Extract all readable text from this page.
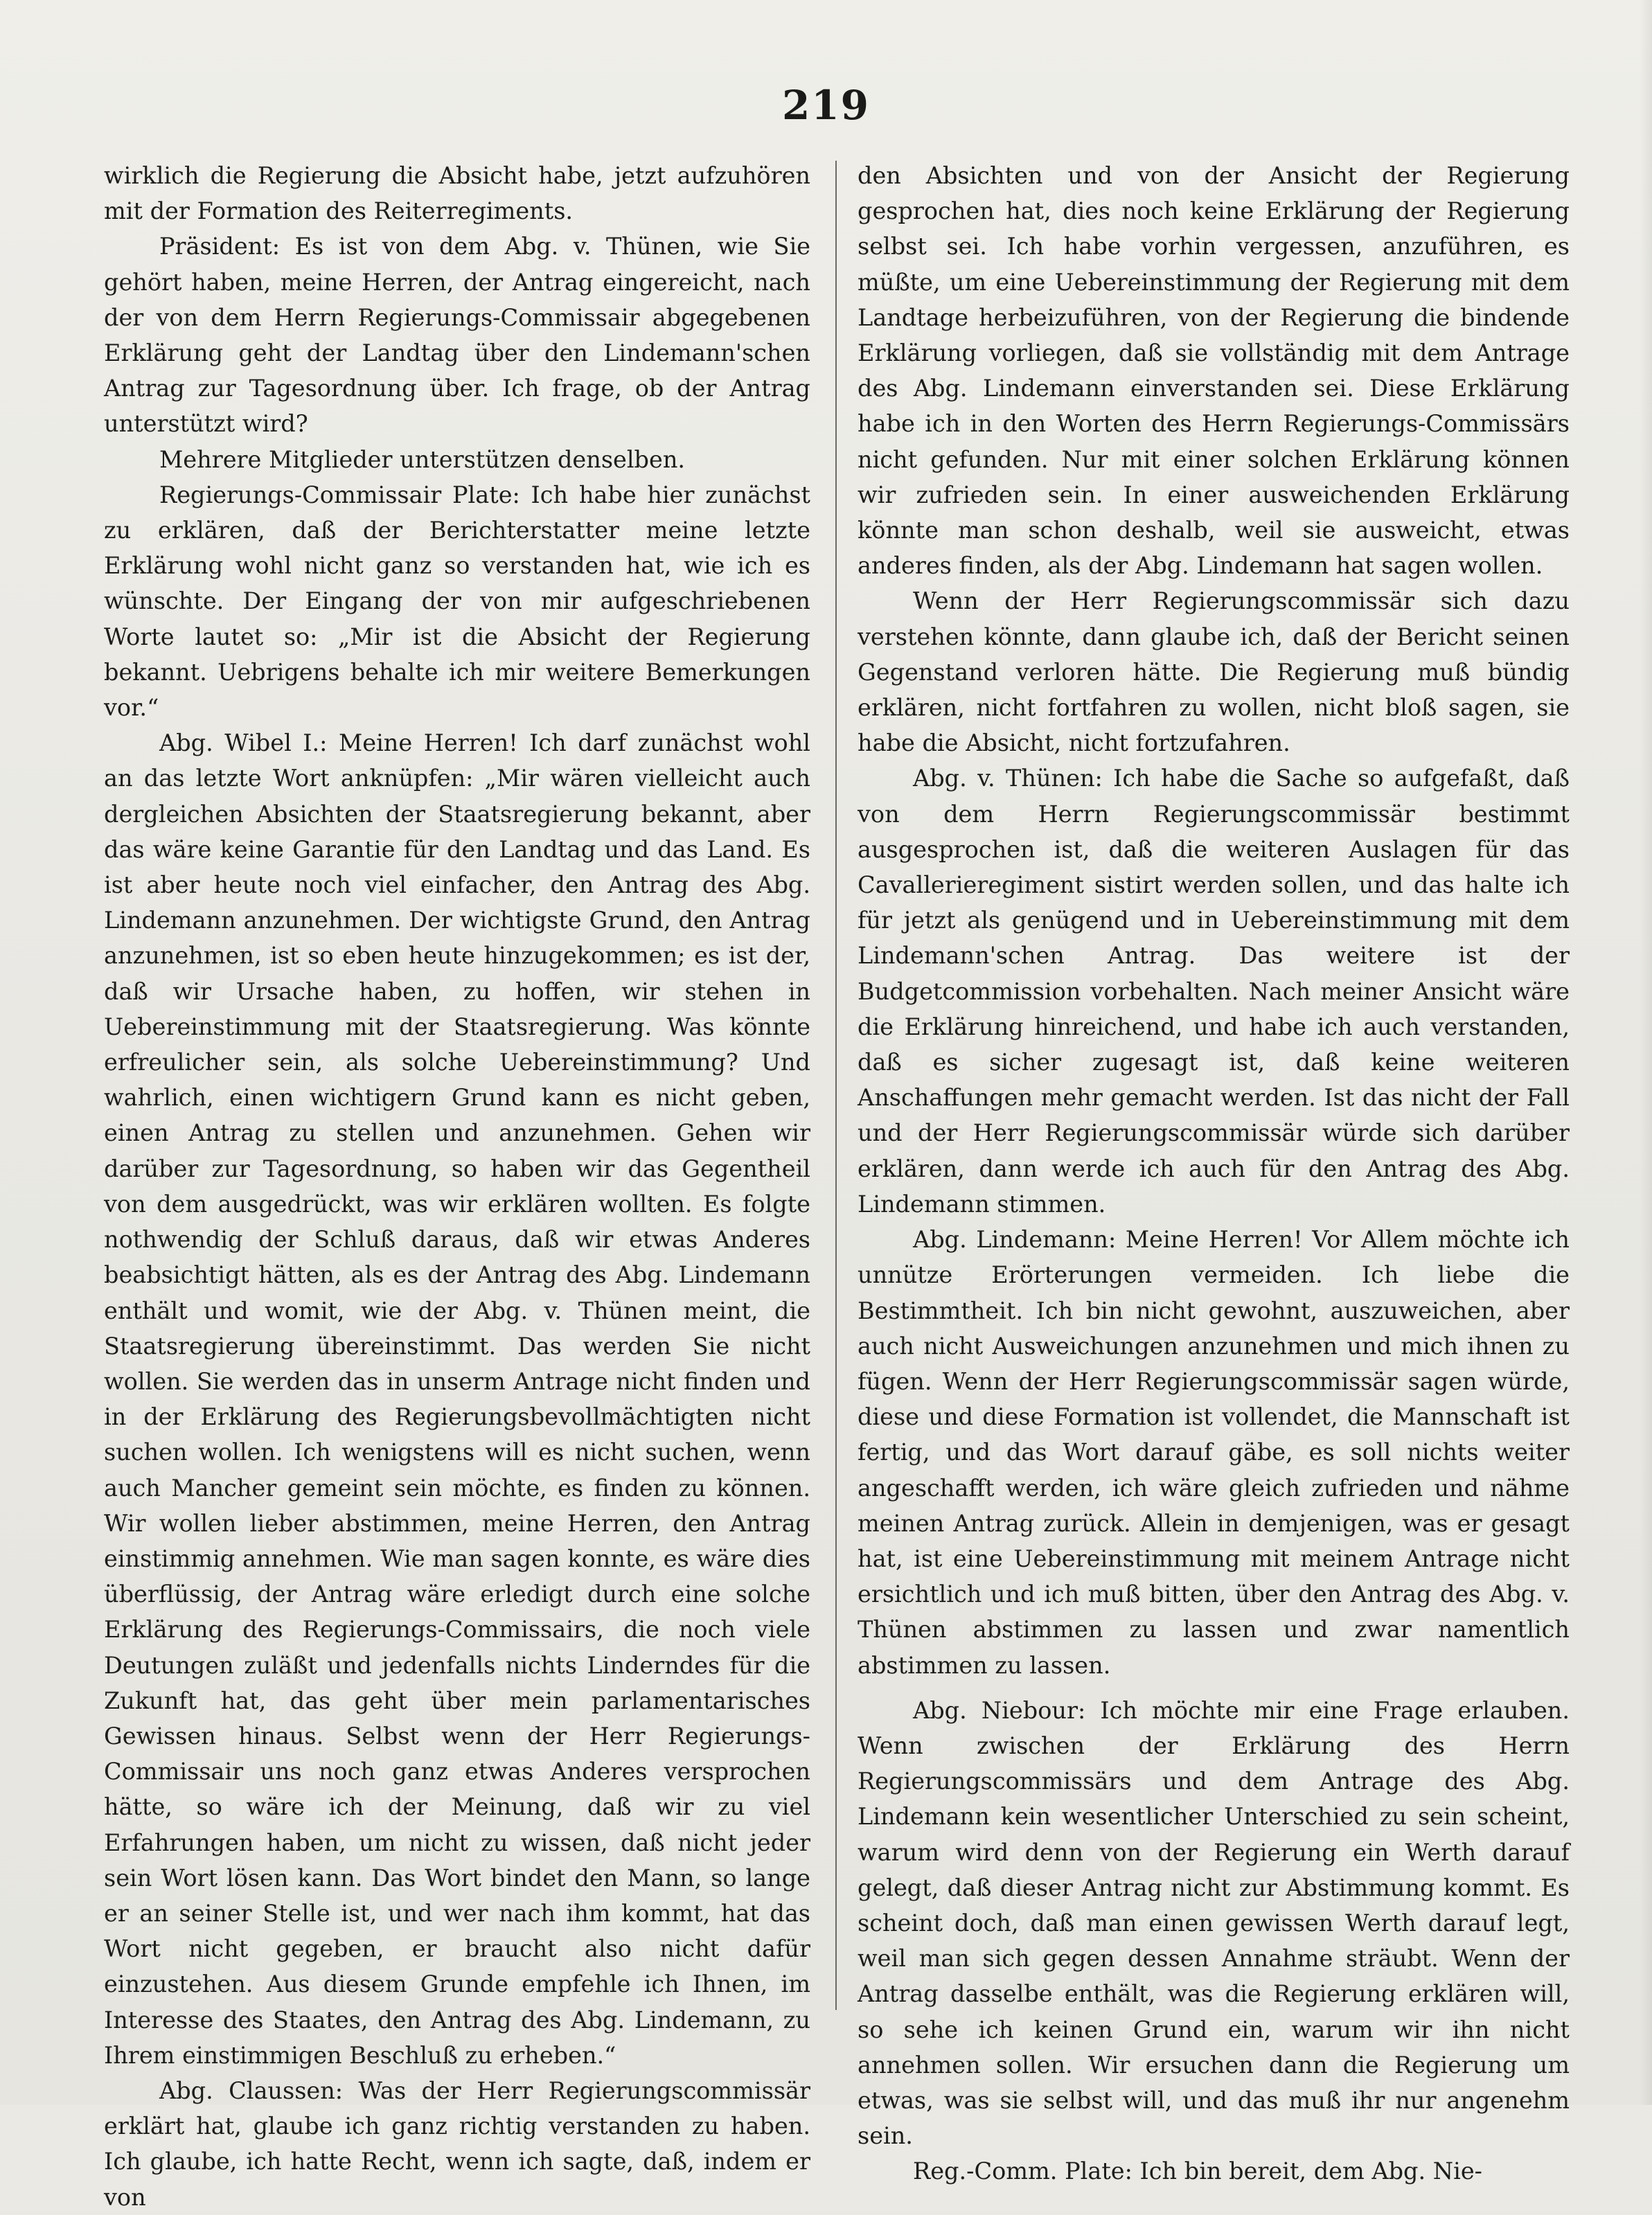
219

wirklich die Regierung die Absicht habe, jetzt aufzuhören mit der Formation des Reiterregiments.

Präsident: Es ist von dem Abg. v. Thünen, wie Sie gehört haben, meine Herren, der Antrag eingereicht, nach der von dem Herrn Regierungs-Commissair abgegebenen Erklärung geht der Landtag über den Lindemann'schen Antrag zur Tagesordnung über. Ich frage, ob der Antrag unterstützt wird?

Mehrere Mitglieder unterstützen denselben.

Regierungs-Commissair Plate: Ich habe hier zunächst zu erklären, daß der Berichterstatter meine letzte Erklärung wohl nicht ganz so verstanden hat, wie ich es wünschte. Der Eingang der von mir aufgeschriebenen Worte lautet so: „Mir ist die Absicht der Regierung bekannt. Uebrigens behalte ich mir weitere Bemerkungen vor.“

Abg. Wibel I.: Meine Herren! Ich darf zunächst wohl an das letzte Wort anknüpfen: „Mir wären vielleicht auch dergleichen Absichten der Staatsregierung bekannt, aber das wäre keine Garantie für den Landtag und das Land. Es ist aber heute noch viel einfacher, den Antrag des Abg. Lindemann anzunehmen. Der wichtigste Grund, den Antrag anzunehmen, ist so eben heute hinzugekommen; es ist der, daß wir Ursache haben, zu hoffen, wir stehen in Uebereinstimmung mit der Staatsregierung. Was könnte erfreulicher sein, als solche Uebereinstimmung? Und wahrlich, einen wichtigern Grund kann es nicht geben, einen Antrag zu stellen und anzunehmen. Gehen wir darüber zur Tagesordnung, so haben wir das Gegentheil von dem ausgedrückt, was wir erklären wollten. Es folgte nothwendig der Schluß daraus, daß wir etwas Anderes beabsichtigt hätten, als es der Antrag des Abg. Lindemann enthält und womit, wie der Abg. v. Thünen meint, die Staatsregierung übereinstimmt. Das werden Sie nicht wollen. Sie werden das in unserm Antrage nicht finden und in der Erklärung des Regierungsbevollmächtigten nicht suchen wollen. Ich wenigstens will es nicht suchen, wenn auch Mancher gemeint sein möchte, es finden zu können. Wir wollen lieber abstimmen, meine Herren, den Antrag einstimmig annehmen. Wie man sagen konnte, es wäre dies überflüssig, der Antrag wäre erledigt durch eine solche Erklärung des Regierungs-Commissairs, die noch viele Deutungen zuläßt und jedenfalls nichts Linderndes für die Zukunft hat, das geht über mein parlamentarisches Gewissen hinaus. Selbst wenn der Herr Regierungs-Commissair uns noch ganz etwas Anderes versprochen hätte, so wäre ich der Meinung, daß wir zu viel Erfahrungen haben, um nicht zu wissen, daß nicht jeder sein Wort lösen kann. Das Wort bindet den Mann, so lange er an seiner Stelle ist, und wer nach ihm kommt, hat das Wort nicht gegeben, er braucht also nicht dafür einzustehen. Aus diesem Grunde empfehle ich Ihnen, im Interesse des Staates, den Antrag des Abg. Lindemann, zu Ihrem einstimmigen Beschluß zu erheben.“

Abg. Claussen: Was der Herr Regierungscommissär erklärt hat, glaube ich ganz richtig verstanden zu haben. Ich glaube, ich hatte Recht, wenn ich sagte, daß, indem er von

den Absichten und von der Ansicht der Regierung gesprochen hat, dies noch keine Erklärung der Regierung selbst sei. Ich habe vorhin vergessen, anzuführen, es müßte, um eine Uebereinstimmung der Regierung mit dem Landtage herbeizuführen, von der Regierung die bindende Erklärung vorliegen, daß sie vollständig mit dem Antrage des Abg. Lindemann einverstanden sei. Diese Erklärung habe ich in den Worten des Herrn Regierungs-Commissärs nicht gefunden. Nur mit einer solchen Erklärung können wir zufrieden sein. In einer ausweichenden Erklärung könnte man schon deshalb, weil sie ausweicht, etwas anderes finden, als der Abg. Lindemann hat sagen wollen.

Wenn der Herr Regierungscommissär sich dazu verstehen könnte, dann glaube ich, daß der Bericht seinen Gegenstand verloren hätte. Die Regierung muß bündig erklären, nicht fortfahren zu wollen, nicht bloß sagen, sie habe die Absicht, nicht fortzufahren.

Abg. v. Thünen: Ich habe die Sache so aufgefaßt, daß von dem Herrn Regierungscommissär bestimmt ausgesprochen ist, daß die weiteren Auslagen für das Cavallerieregiment sistirt werden sollen, und das halte ich für jetzt als genügend und in Uebereinstimmung mit dem Lindemann'schen Antrag. Das weitere ist der Budgetcommission vorbehalten. Nach meiner Ansicht wäre die Erklärung hinreichend, und habe ich auch verstanden, daß es sicher zugesagt ist, daß keine weiteren Anschaffungen mehr gemacht werden. Ist das nicht der Fall und der Herr Regierungscommissär würde sich darüber erklären, dann werde ich auch für den Antrag des Abg. Lindemann stimmen.

Abg. Lindemann: Meine Herren! Vor Allem möchte ich unnütze Erörterungen vermeiden. Ich liebe die Bestimmtheit. Ich bin nicht gewohnt, auszuweichen, aber auch nicht Ausweichungen anzunehmen und mich ihnen zu fügen. Wenn der Herr Regierungscommissär sagen würde, diese und diese Formation ist vollendet, die Mannschaft ist fertig, und das Wort darauf gäbe, es soll nichts weiter angeschafft werden, ich wäre gleich zufrieden und nähme meinen Antrag zurück. Allein in demjenigen, was er gesagt hat, ist eine Uebereinstimmung mit meinem Antrage nicht ersichtlich und ich muß bitten, über den Antrag des Abg. v. Thünen abstimmen zu lassen und zwar namentlich abstimmen zu lassen.

Abg. Niebour: Ich möchte mir eine Frage erlauben. Wenn zwischen der Erklärung des Herrn Regierungscommissärs und dem Antrage des Abg. Lindemann kein wesentlicher Unterschied zu sein scheint, warum wird denn von der Regierung ein Werth darauf gelegt, daß dieser Antrag nicht zur Abstimmung kommt. Es scheint doch, daß man einen gewissen Werth darauf legt, weil man sich gegen dessen Annahme sträubt. Wenn der Antrag dasselbe enthält, was die Regierung erklären will, so sehe ich keinen Grund ein, warum wir ihn nicht annehmen sollen. Wir ersuchen dann die Regierung um etwas, was sie selbst will, und das muß ihr nur angenehm sein.

Reg.-Comm. Plate: Ich bin bereit, dem Abg. Nie-
